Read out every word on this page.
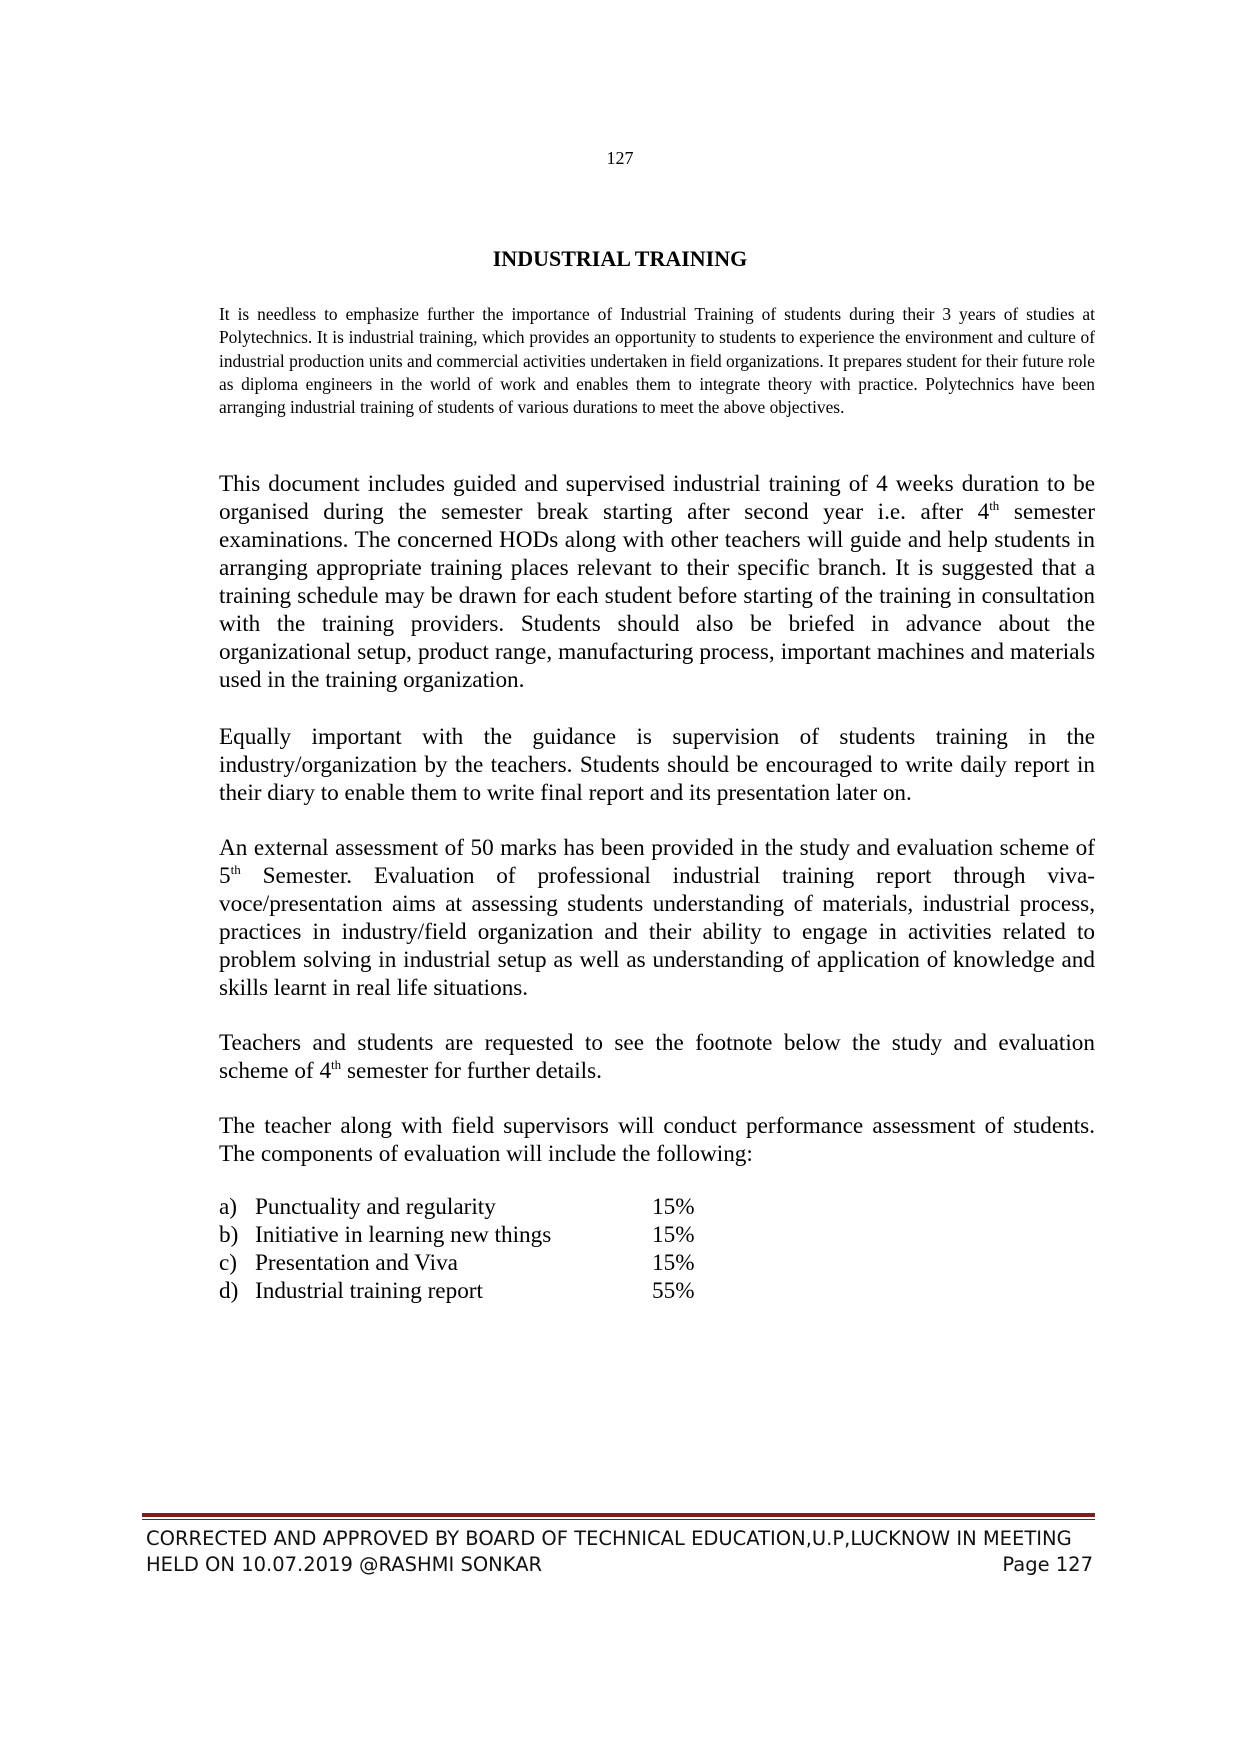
127
INDUSTRIAL TRAINING

It is needless to emphasize further the importance of Industrial Training of students during their 3 years of studies at Polytechnics. It is industrial training, which provides an opportunity to students to experience the environment and culture of industrial production units and commercial activities undertaken in field organizations. It prepares student for their future role as diploma engineers in the world of work and enables them to integrate theory with practice. Polytechnics have been arranging industrial training of students of various durations to meet the above objectives.

This document includes guided and supervised industrial training of 4 weeks duration to be organised during the semester break starting after second year i.e. after 4th semester examinations. The concerned HODs along with other teachers will guide and help students in arranging appropriate training places relevant to their specific branch. It is suggested that a training schedule may be drawn for each student before starting of the training in consultation with the training providers. Students should also be briefed in advance about the organizational setup, product range, manufacturing process, important machines and materials used in the training organization.

Equally important with the guidance is supervision of students training in the industry/organization by the teachers. Students should be encouraged to write daily report in their diary to enable them to write final report and its presentation later on.

An external assessment of 50 marks has been provided in the study and evaluation scheme of 5th Semester. Evaluation of professional industrial training report through viva-voce/presentation aims at assessing students understanding of materials, industrial process, practices in industry/field organization and their ability to engage in activities related to problem solving in industrial setup as well as understanding of application of knowledge and skills learnt in real life situations.

Teachers and students are requested to see the footnote below the study and evaluation scheme of 4th semester for further details.

The teacher along with field supervisors will conduct performance assessment of students. The components of evaluation will include the following:

a) Punctuality and regularity	15%
b) Initiative in learning new things	15%
c) Presentation and Viva	15%
d) Industrial training report	55%
CORRECTED AND APPROVED BY BOARD OF TECHNICAL EDUCATION,U.P,LUCKNOW IN MEETING
HELD ON 10.07.2019 @RASHMI SONKAR	Page 127
